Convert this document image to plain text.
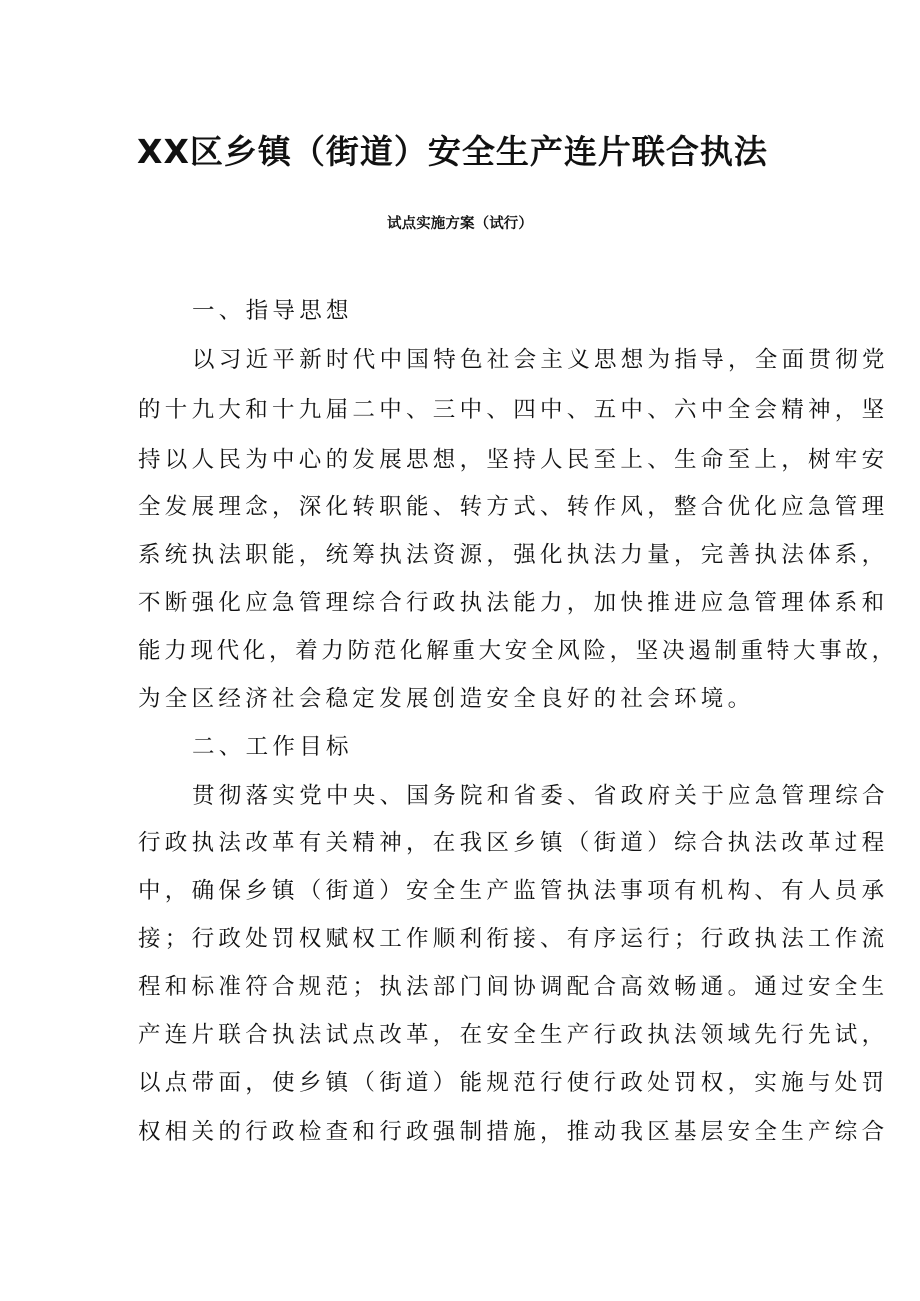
XX区乡镇（街道）安全生产连片联合执法
试点实施方案（试行）
一、指导思想
以习近平新时代中国特色社会主义思想为指导，全面贯彻党
的十九大和十九届二中、三中、四中、五中、六中全会精神，坚
持以人民为中心的发展思想，坚持人民至上、生命至上，树牢安
全发展理念，深化转职能、转方式、转作风，整合优化应急管理
系统执法职能，统筹执法资源，强化执法力量，完善执法体系，
不断强化应急管理综合行政执法能力，加快推进应急管理体系和
能力现代化，着力防范化解重大安全风险，坚决遏制重特大事故，
为全区经济社会稳定发展创造安全良好的社会环境。
二、工作目标
贯彻落实党中央、国务院和省委、省政府关于应急管理综合
行政执法改革有关精神，在我区乡镇（街道）综合执法改革过程
中，确保乡镇（街道）安全生产监管执法事项有机构、有人员承
接；行政处罚权赋权工作顺利衔接、有序运行；行政执法工作流
程和标准符合规范；执法部门间协调配合高效畅通。通过安全生
产连片联合执法试点改革，在安全生产行政执法领域先行先试，
以点带面，使乡镇（街道）能规范行使行政处罚权，实施与处罚
权相关的行政检查和行政强制措施，推动我区基层安全生产综合
